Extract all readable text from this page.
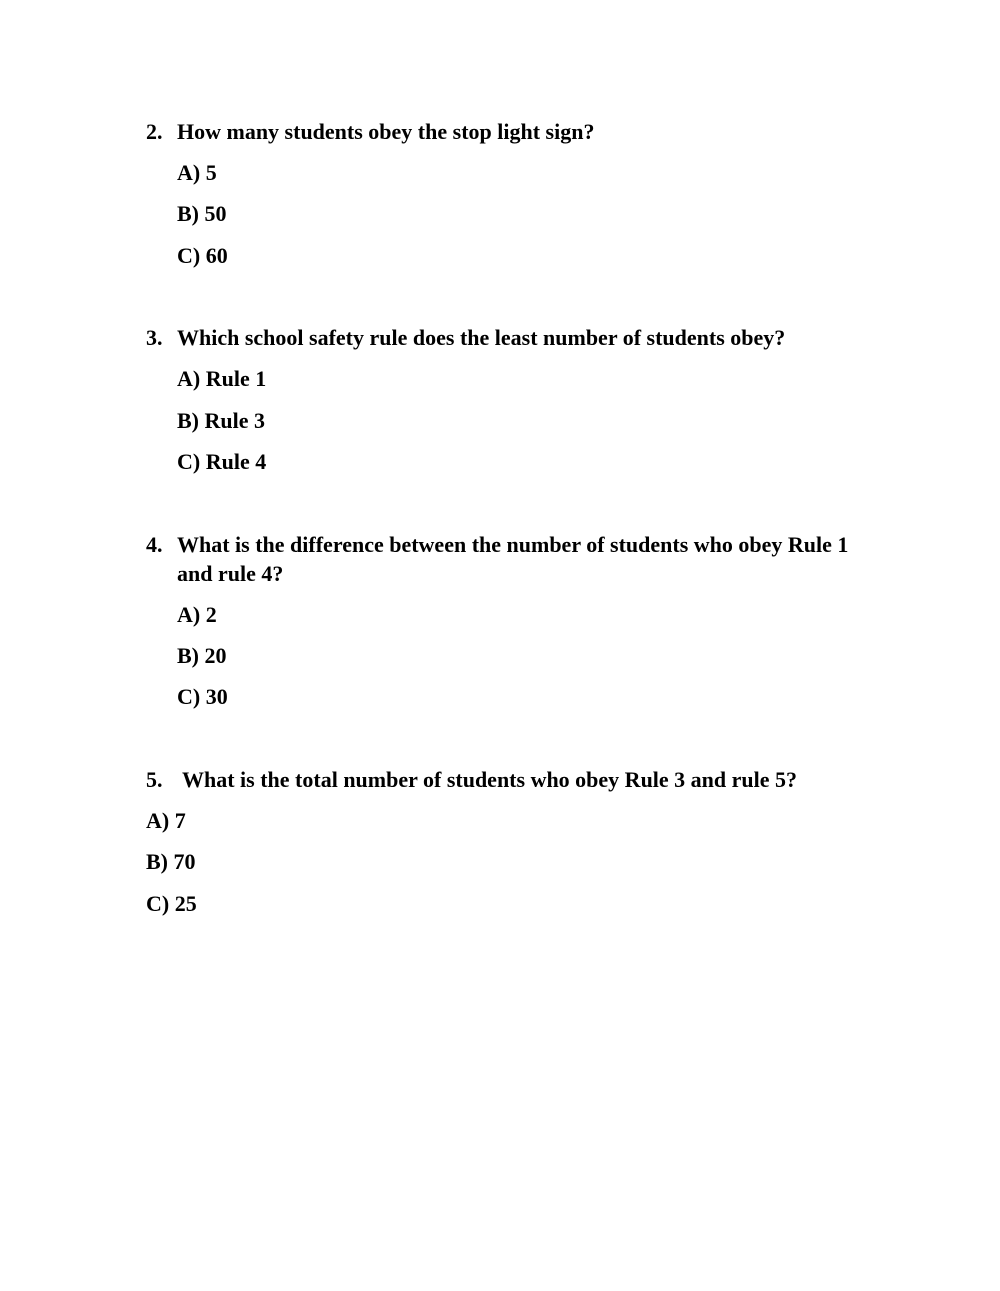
2. How many students obey the stop light sign?
A) 5
B) 50
C) 60
3. Which school safety rule does the least number of students obey?
A) Rule 1
B) Rule 3
C) Rule 4
4. What is the difference between the number of students who obey Rule 1
and rule 4?
A) 2
B) 20
C) 30
5. What is the total number of students who obey Rule 3 and rule 5?
A) 7
B) 70
C) 25
